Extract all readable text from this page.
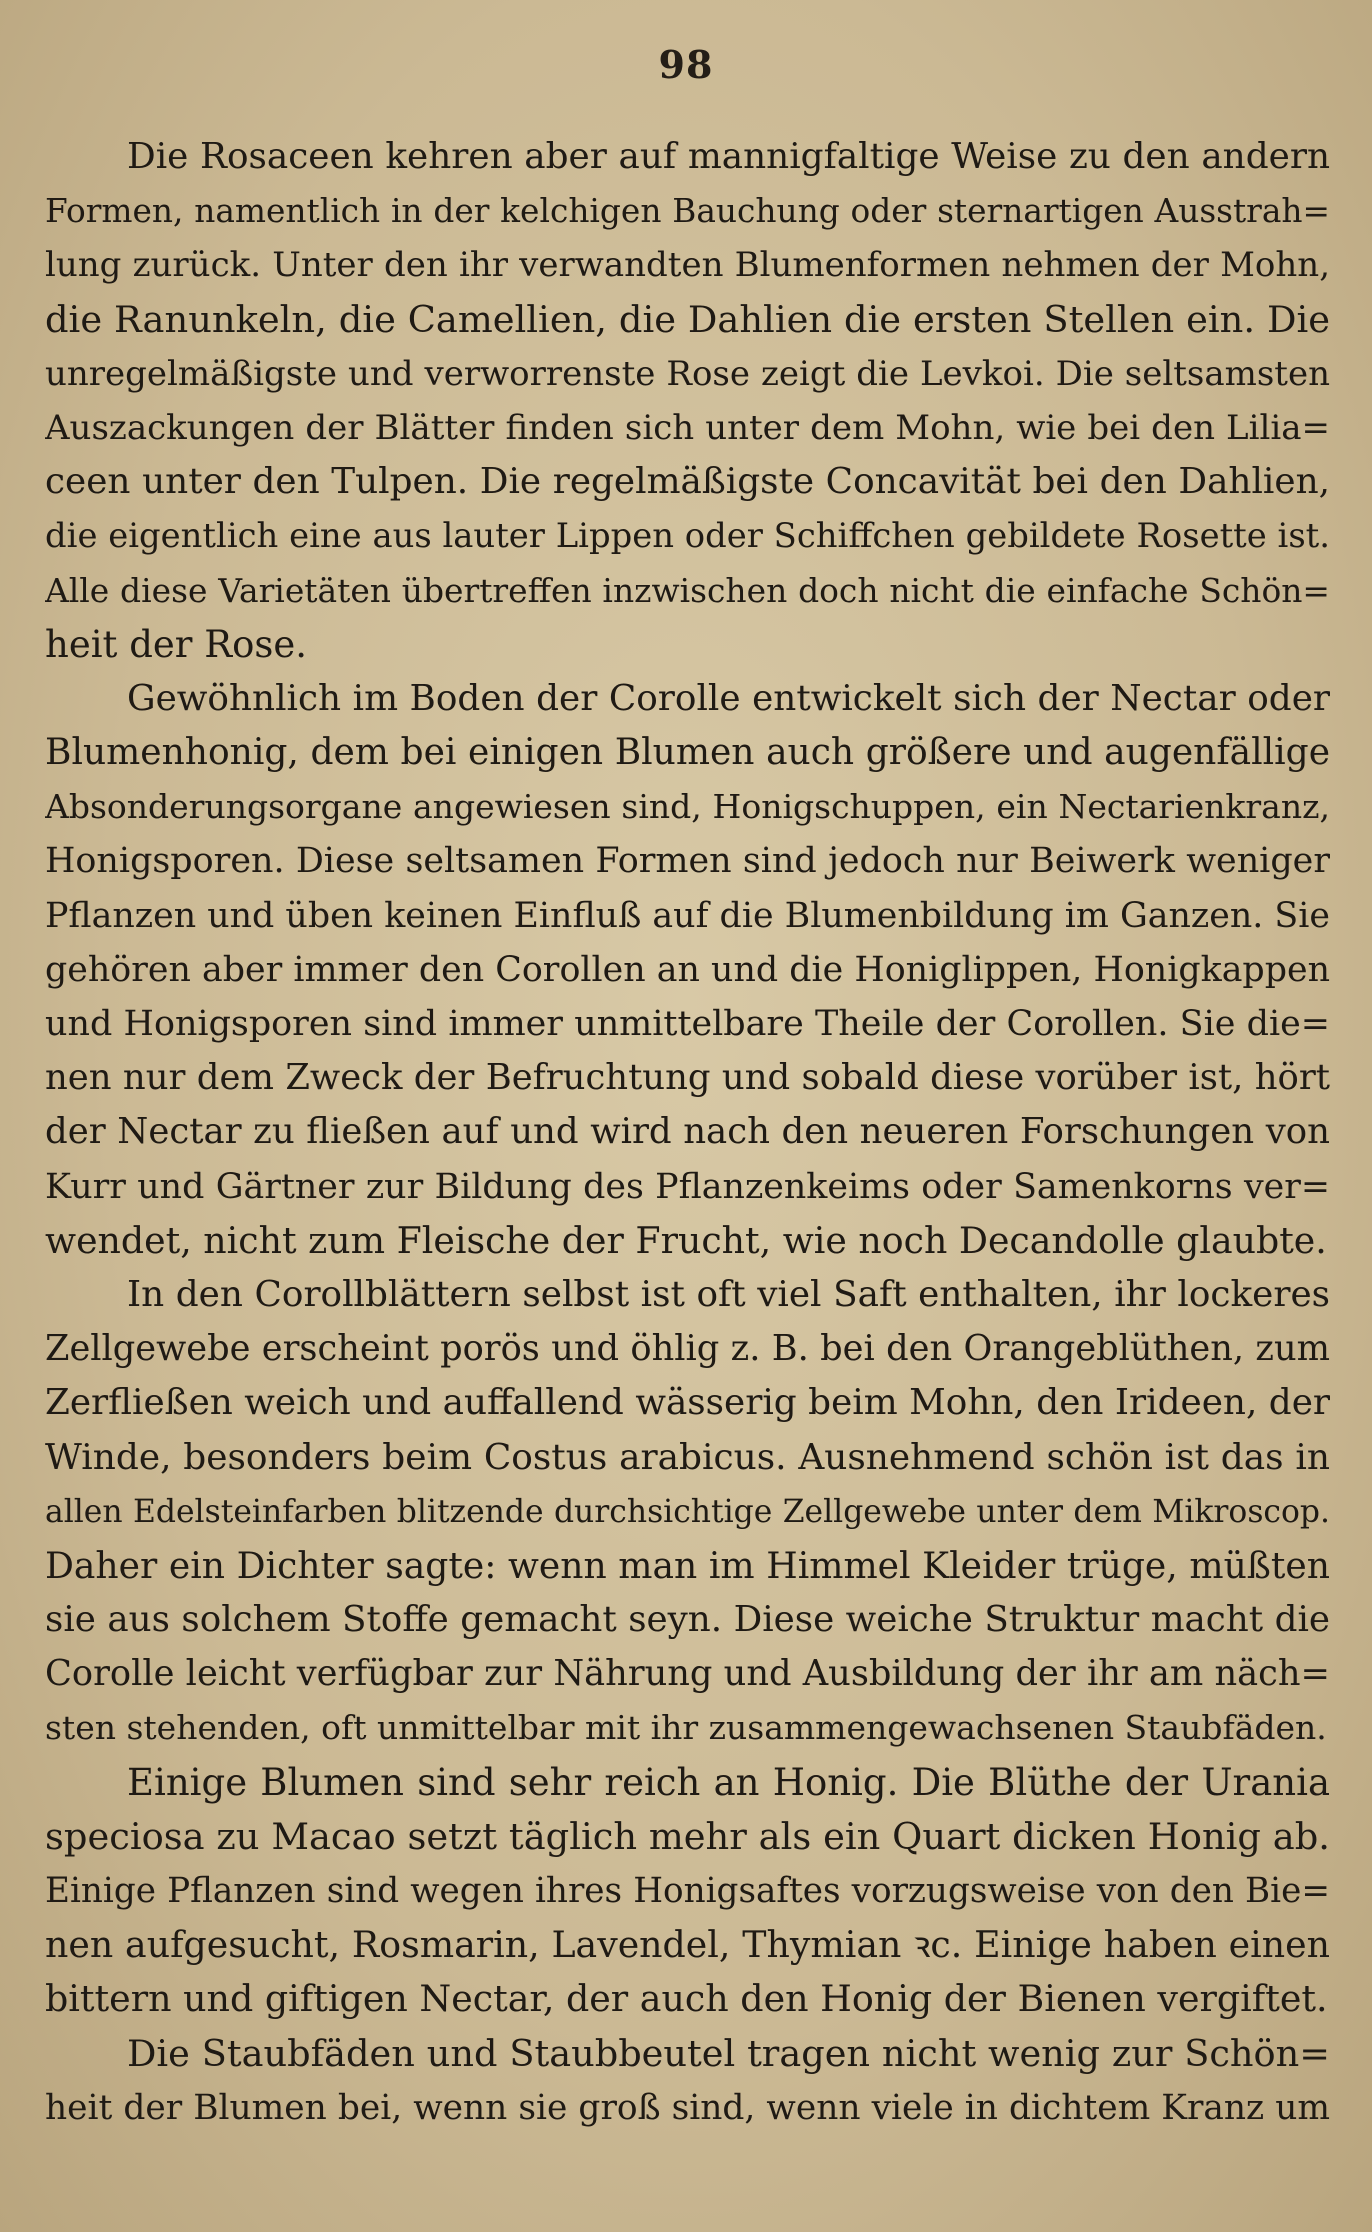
98
Die Rosaceen kehren aber auf mannigfaltige Weise zu den andern
Formen, namentlich in der kelchigen Bauchung oder sternartigen Ausstrah=
lung zurück. Unter den ihr verwandten Blumenformen nehmen der Mohn,
die Ranunkeln, die Camellien, die Dahlien die ersten Stellen ein. Die
unregelmäßigste und verworrenste Rose zeigt die Levkoi. Die seltsamsten
Auszackungen der Blätter finden sich unter dem Mohn, wie bei den Lilia=
ceen unter den Tulpen. Die regelmäßigste Concavität bei den Dahlien,
die eigentlich eine aus lauter Lippen oder Schiffchen gebildete Rosette ist.
Alle diese Varietäten übertreffen inzwischen doch nicht die einfache Schön=
heit der Rose.
Gewöhnlich im Boden der Corolle entwickelt sich der Nectar oder
Blumenhonig, dem bei einigen Blumen auch größere und augenfällige
Absonderungsorgane angewiesen sind, Honigschuppen, ein Nectarienkranz,
Honigsporen. Diese seltsamen Formen sind jedoch nur Beiwerk weniger
Pflanzen und üben keinen Einfluß auf die Blumenbildung im Ganzen. Sie
gehören aber immer den Corollen an und die Honiglippen, Honigkappen
und Honigsporen sind immer unmittelbare Theile der Corollen. Sie die=
nen nur dem Zweck der Befruchtung und sobald diese vorüber ist, hört
der Nectar zu fließen auf und wird nach den neueren Forschungen von
Kurr und Gärtner zur Bildung des Pflanzenkeims oder Samenkorns ver=
wendet, nicht zum Fleische der Frucht, wie noch Decandolle glaubte.
In den Corollblättern selbst ist oft viel Saft enthalten, ihr lockeres
Zellgewebe erscheint porös und öhlig z. B. bei den Orangeblüthen, zum
Zerfließen weich und auffallend wässerig beim Mohn, den Irideen, der
Winde, besonders beim Costus arabicus. Ausnehmend schön ist das in
allen Edelsteinfarben blitzende durchsichtige Zellgewebe unter dem Mikroscop.
Daher ein Dichter sagte: wenn man im Himmel Kleider trüge, müßten
sie aus solchem Stoffe gemacht seyn. Diese weiche Struktur macht die
Corolle leicht verfügbar zur Nährung und Ausbildung der ihr am näch=
sten stehenden, oft unmittelbar mit ihr zusammengewachsenen Staubfäden.
Einige Blumen sind sehr reich an Honig. Die Blüthe der Urania
speciosa zu Macao setzt täglich mehr als ein Quart dicken Honig ab.
Einige Pflanzen sind wegen ihres Honigsaftes vorzugsweise von den Bie=
nen aufgesucht, Rosmarin, Lavendel, Thymian ꝛc. Einige haben einen
bittern und giftigen Nectar, der auch den Honig der Bienen vergiftet.
Die Staubfäden und Staubbeutel tragen nicht wenig zur Schön=
heit der Blumen bei, wenn sie groß sind, wenn viele in dichtem Kranz um
